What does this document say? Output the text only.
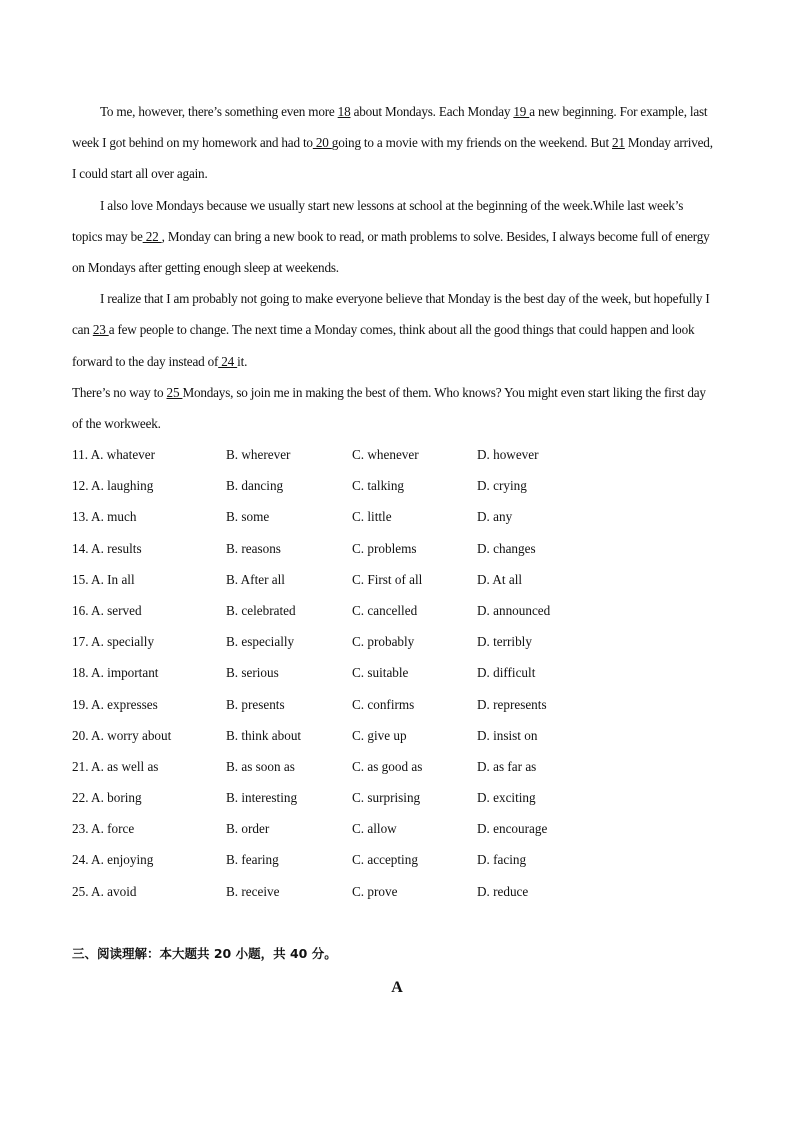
To me, however, there’s something even more 18 about Mondays. Each Monday 19 a new beginning. For example, last week I got behind on my homework and had to 20 going to a movie with my friends on the weekend. But 21 Monday arrived, I could start all over again.

I also love Mondays because we usually start new lessons at school at the beginning of the week.While last week’s topics may be 22 , Monday can bring a new book to read, or math problems to solve. Besides, I always become full of energy on Mondays after getting enough sleep at weekends.

I realize that I am probably not going to make everyone believe that Monday is the best day of the week, but hopefully I can 23 a few people to change. The next time a Monday comes, think about all the good things that could happen and look forward to the day instead of 24 it.

There’s no way to 25 Mondays, so join me in making the best of them. Who knows? You might even start liking the first day of the workweek.

11. A. whatever	B. wherever	C. whenever	D. however
12. A. laughing	B. dancing	C. talking	D. crying
13. A. much	B. some	C. little	D. any
14. A. results	B. reasons	C. problems	D. changes
15. A. In all	B. After all	C. First of all	D. At all
16. A. served	B. celebrated	C. cancelled	D. announced
17. A. specially	B. especially	C. probably	D. terribly
18. A. important	B. serious	C. suitable	D. difficult
19. A. expresses	B. presents	C. confirms	D. represents
20. A. worry about	B. think about	C. give up	D. insist on
21. A. as well as	B. as soon as	C. as good as	D. as far as
22. A. boring	B. interesting	C. surprising	D. exciting
23. A. force	B. order	C. allow	D. encourage
24. A. enjoying	B. fearing	C. accepting	D. facing
25. A. avoid	B. receive	C. prove	D. reduce
三、阅读理解：本大题共 20 小题，共 40 分。
A
